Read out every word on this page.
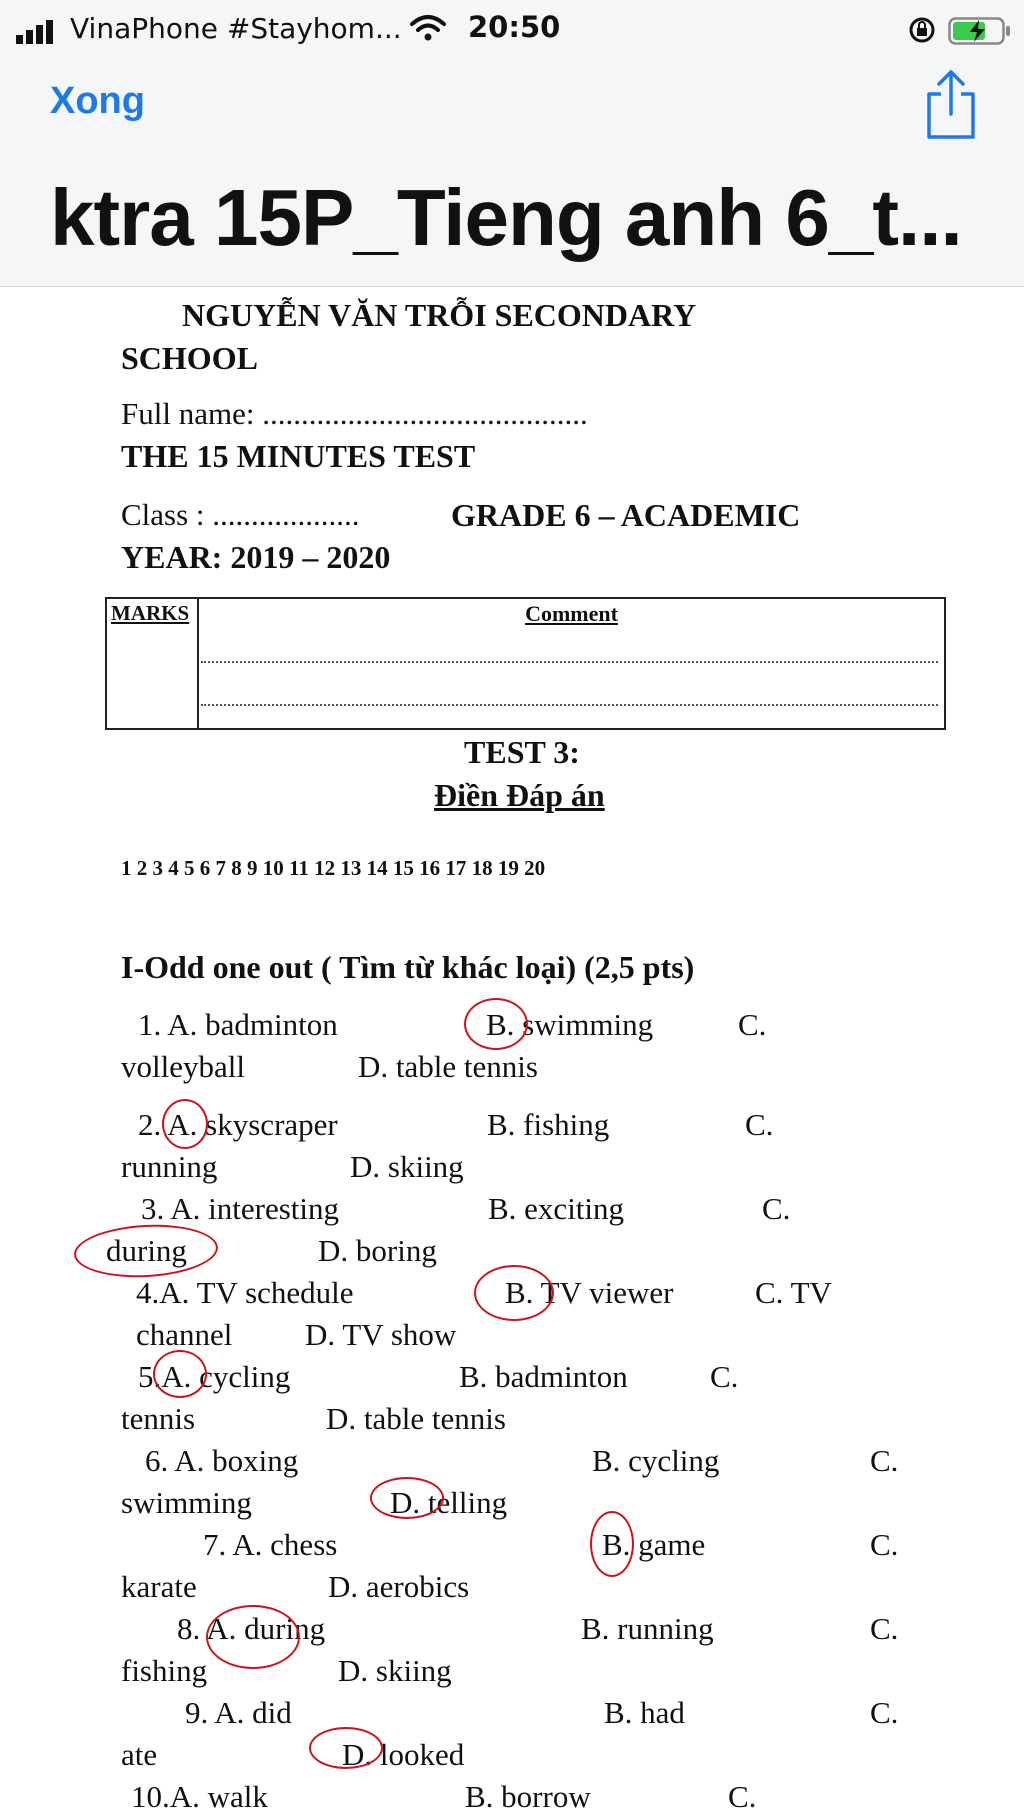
VinaPhone #Stayhom... 20:50
Xong
ktra 15P_Tieng anh 6_t...
NGUYỄN VĂN TRỖI SECONDARY
SCHOOL
Full name: ..........................................
THE 15 MINUTES TEST
Class : ...................	GRADE 6 – ACADEMIC
YEAR: 2019 – 2020
MARKS	Comment
TEST 3:
Điền Đáp án
1 2 3 4 5 6 7 8 9 10 11 12 13 14 15 16 17 18 19 20
I-Odd one out ( Tìm từ khác loại) (2,5 pts)
1. A. badminton	B. swimming	C.
volleyball	D. table tennis
2. A. skyscraper	B. fishing	C.
running	D. skiing
3. A. interesting	B. exciting	C.
during	D. boring
4.A. TV schedule	B. TV viewer	C. TV
channel D. TV show
5.A. cycling	B. badminton	C.
tennis	D. table tennis
6. A. boxing	B. cycling	C.
swimming	D. telling
7. A. chess	B. game	C.
karate	D. aerobics
8. A. during	B. running	C.
fishing	D. skiing
9. A. did	B. had	C.
ate	D. looked
10.A. walk	B. borrow	C.
